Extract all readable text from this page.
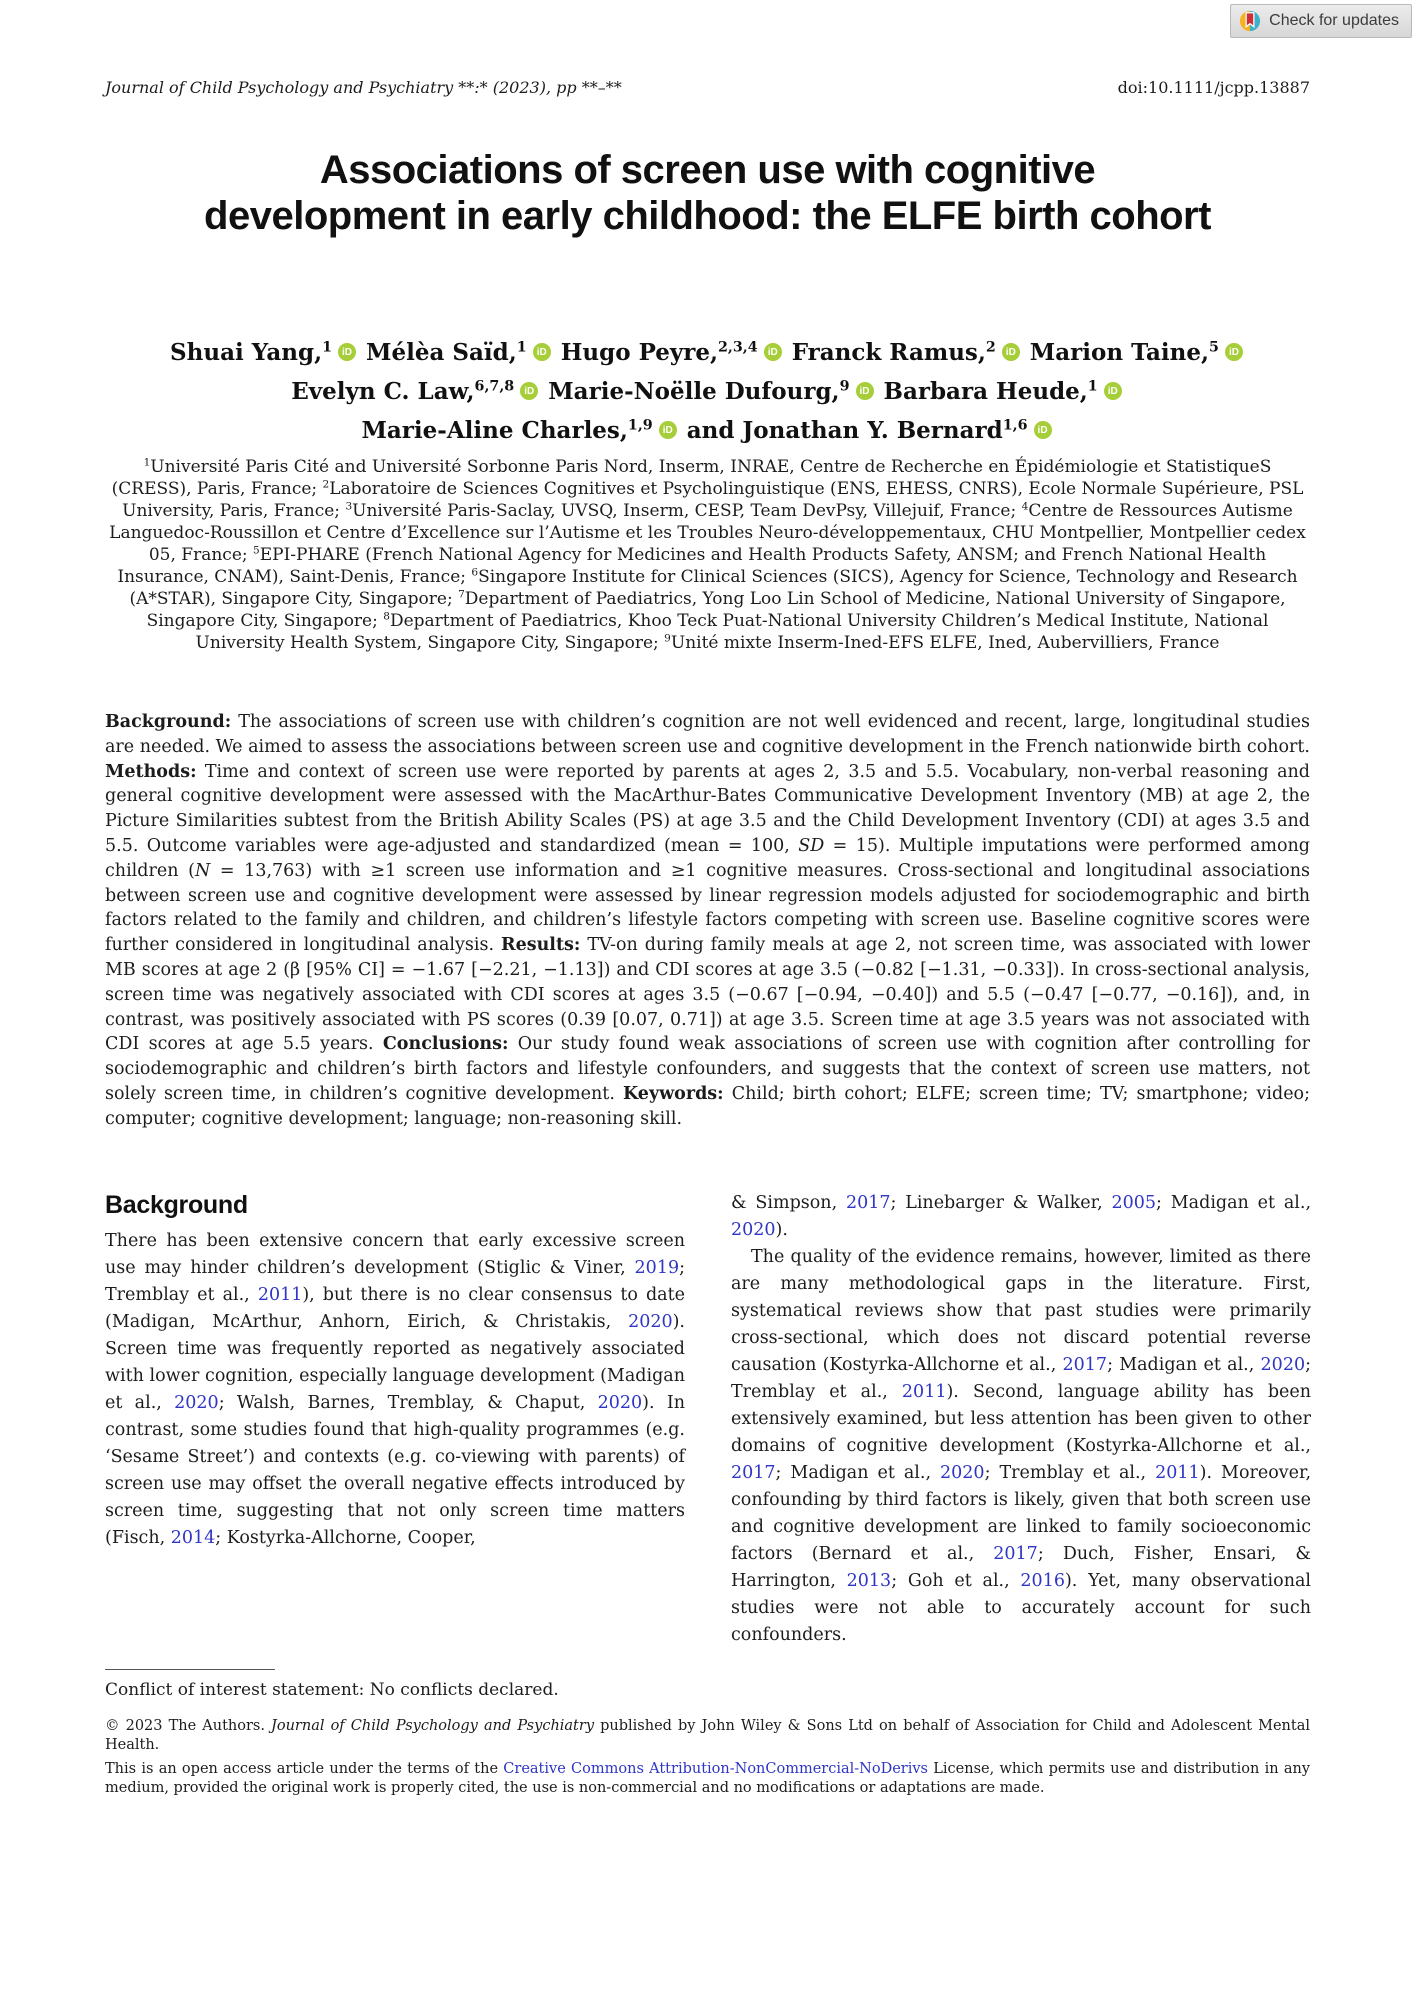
Check for updates
Journal of Child Psychology and Psychiatry **:* (2023), pp **–**	doi:10.1111/jcpp.13887
Associations of screen use with cognitive
development in early childhood: the ELFE birth cohort
Shuai Yang,$^1$ iD Mélèa Saïd,$^1$ iD Hugo Peyre,$^{2,3,4}$ iD Franck Ramus,$^2$ iD Marion Taine,$^5$ iD
Evelyn C. Law,$^{6,7,8}$ iD Marie-Noëlle Dufourg,$^9$ iD Barbara Heude,$^1$ iD
Marie-Aline Charles,$^{1,9}$ iD and Jonathan Y. Bernard$^{1,6}$ iD
$^1$Université Paris Cité and Université Sorbonne Paris Nord, Inserm, INRAE, Centre de Recherche en Épidémiologie et StatistiqueS (CRESS), Paris, France; $^2$Laboratoire de Sciences Cognitives et Psycholinguistique (ENS, EHESS, CNRS), Ecole Normale Supérieure, PSL University, Paris, France; $^3$Université Paris-Saclay, UVSQ, Inserm, CESP, Team DevPsy, Villejuif, France; $^4$Centre de Ressources Autisme Languedoc-Roussillon et Centre d’Excellence sur l’Autisme et les Troubles Neuro-développementaux, CHU Montpellier, Montpellier cedex 05, France; $^5$EPI-PHARE (French National Agency for Medicines and Health Products Safety, ANSM; and French National Health Insurance, CNAM), Saint-Denis, France; $^6$Singapore Institute for Clinical Sciences (SICS), Agency for Science, Technology and Research (A*STAR), Singapore City, Singapore; $^7$Department of Paediatrics, Yong Loo Lin School of Medicine, National University of Singapore, Singapore City, Singapore; $^8$Department of Paediatrics, Khoo Teck Puat-National University Children’s Medical Institute, National University Health System, Singapore City, Singapore; $^9$Unité mixte Inserm-Ined-EFS ELFE, Ined, Aubervilliers, France
Background: The associations of screen use with children’s cognition are not well evidenced and recent, large, longitudinal studies are needed. We aimed to assess the associations between screen use and cognitive development in the French nationwide birth cohort. Methods: Time and context of screen use were reported by parents at ages 2, 3.5 and 5.5. Vocabulary, non-verbal reasoning and general cognitive development were assessed with the MacArthur-Bates Communicative Development Inventory (MB) at age 2, the Picture Similarities subtest from the British Ability Scales (PS) at age 3.5 and the Child Development Inventory (CDI) at ages 3.5 and 5.5. Outcome variables were age-adjusted and standardized (mean = 100, SD = 15). Multiple imputations were performed among children (N = 13,763) with ≥1 screen use information and ≥1 cognitive measures. Cross-sectional and longitudinal associations between screen use and cognitive development were assessed by linear regression models adjusted for sociodemographic and birth factors related to the family and children, and children’s lifestyle factors competing with screen use. Baseline cognitive scores were further considered in longitudinal analysis. Results: TV-on during family meals at age 2, not screen time, was associated with lower MB scores at age 2 (β [95% CI] = −1.67 [−2.21, −1.13]) and CDI scores at age 3.5 (−0.82 [−1.31, −0.33]). In cross-sectional analysis, screen time was negatively associated with CDI scores at ages 3.5 (−0.67 [−0.94, −0.40]) and 5.5 (−0.47 [−0.77, −0.16]), and, in contrast, was positively associated with PS scores (0.39 [0.07, 0.71]) at age 3.5. Screen time at age 3.5 years was not associated with CDI scores at age 5.5 years. Conclusions: Our study found weak associations of screen use with cognition after controlling for sociodemographic and children’s birth factors and lifestyle confounders, and suggests that the context of screen use matters, not solely screen time, in children’s cognitive development. Keywords: Child; birth cohort; ELFE; screen time; TV; smartphone; video; computer; cognitive development; language; non-reasoning skill.
Background

There has been extensive concern that early excessive screen use may hinder children’s development (Stiglic & Viner, 2019; Tremblay et al., 2011), but there is no clear consensus to date (Madigan, McArthur, Anhorn, Eirich, & Christakis, 2020). Screen time was frequently reported as negatively associated with lower cognition, especially language development (Madigan et al., 2020; Walsh, Barnes, Tremblay, & Chaput, 2020). In contrast, some studies found that high-quality programmes (e.g. ‘Sesame Street’) and contexts (e.g. co-viewing with parents) of screen use may offset the overall negative effects introduced by screen time, suggesting that not only screen time matters (Fisch, 2014; Kostyrka-Allchorne, Cooper,

& Simpson, 2017; Linebarger & Walker, 2005; Madigan et al., 2020).

The quality of the evidence remains, however, limited as there are many methodological gaps in the literature. First, systematical reviews show that past studies were primarily cross-sectional, which does not discard potential reverse causation (Kostyrka-Allchorne et al., 2017; Madigan et al., 2020; Tremblay et al., 2011). Second, language ability has been extensively examined, but less attention has been given to other domains of cognitive development (Kostyrka-Allchorne et al., 2017; Madigan et al., 2020; Tremblay et al., 2011). Moreover, confounding by third factors is likely, given that both screen use and cognitive development are linked to family socioeconomic factors (Bernard et al., 2017; Duch, Fisher, Ensari, & Harrington, 2013; Goh et al., 2016). Yet, many observational studies were not able to accurately account for such confounders.

Conflict of interest statement: No conflicts declared.

© 2023 The Authors. Journal of Child Psychology and Psychiatry published by John Wiley & Sons Ltd on behalf of Association for Child and Adolescent Mental Health.

This is an open access article under the terms of the Creative Commons Attribution-NonCommercial-NoDerivs License, which permits use and distribution in any medium, provided the original work is properly cited, the use is non-commercial and no modifications or adaptations are made.
